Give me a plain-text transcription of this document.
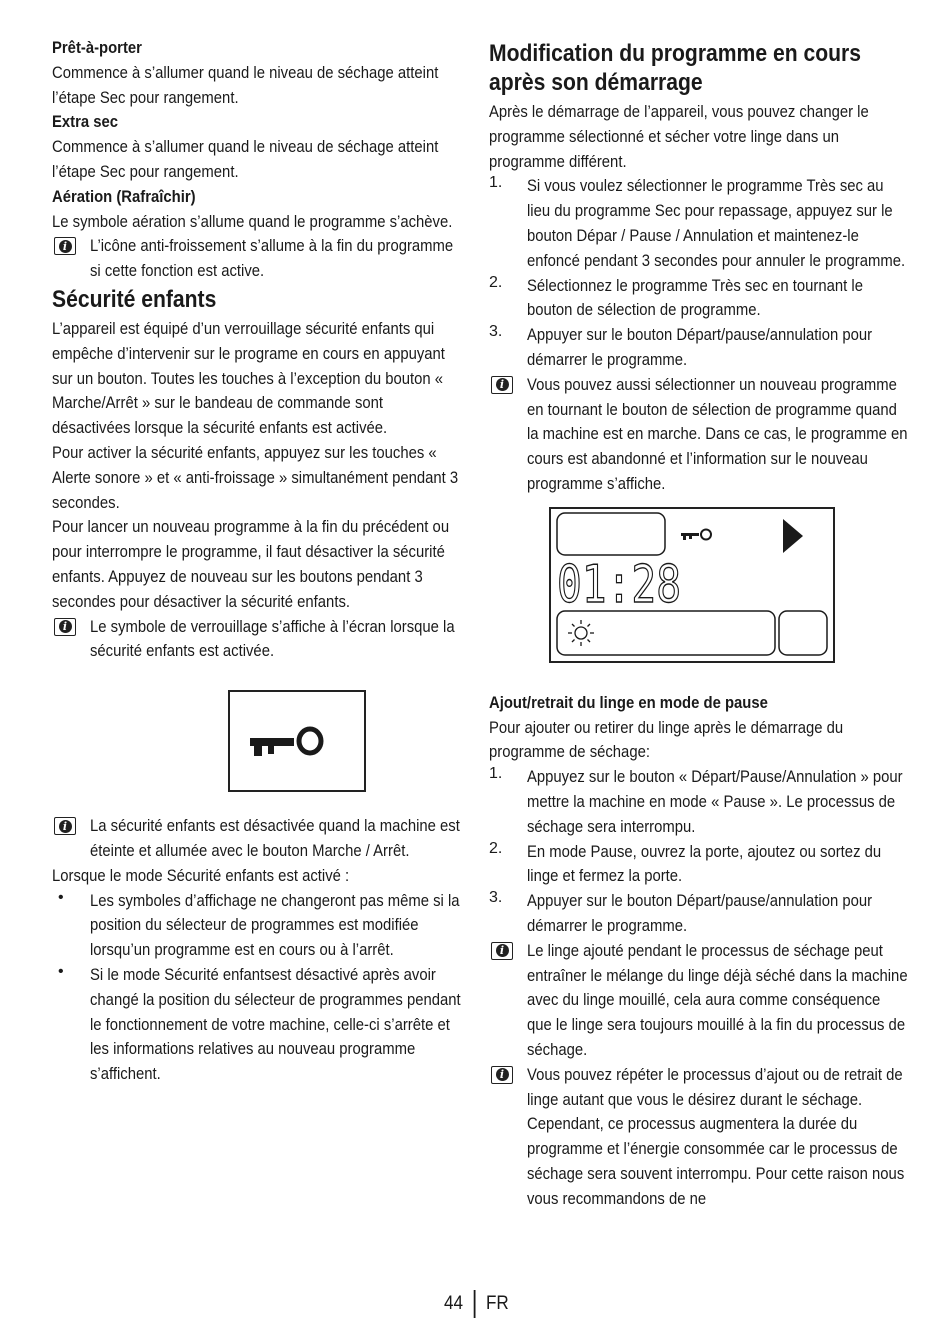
Prêt-à-porter

Commence à s’allumer quand le niveau de séchage atteint l’étape Sec pour rangement.

Extra sec

Commence à s’allumer quand le niveau de séchage atteint l’étape Sec pour rangement.

Aération (Rafraîchir)

Le symbole aération s’allume quand le programme s’achève.

i L’icône anti-froissement s’allume à la fin du programme si cette fonction est active.

Sécurité enfants

L’appareil est équipé d’un verrouillage sécurité enfants qui empêche d’intervenir sur le programe en cours en appuyant sur un bouton. Toutes les touches à l’exception du bouton « Marche/Arrêt » sur le bandeau de commande sont désactivées lorsque la sécurité enfants est activée.

Pour activer la sécurité enfants, appuyez sur les touches « Alerte sonore » et « anti-froissage » simultanément pendant 3 secondes.

Pour lancer un nouveau programme à la fin du précédent ou pour interrompre le programme, il faut désactiver la sécurité enfants. Appuyez de nouveau sur les boutons pendant 3 secondes pour désactiver la sécurité enfants.

i Le symbole de verrouillage s’affiche à l’écran lorsque la sécurité enfants est activée.

i La sécurité enfants est désactivée quand la machine est éteinte et allumée avec le bouton Marche / Arrêt.

Lorsque le mode Sécurité enfants est activé :

• Les symboles d’affichage ne changeront pas même si la position du sélecteur de programmes est modifiée lorsqu’un programme est en cours ou à l’arrêt.

• Si le mode Sécurité enfantsest désactivé après avoir changé la position du sélecteur de programmes pendant le fonctionnement de votre machine, celle-ci s’arrête et les informations relatives au nouveau programme s’affichent.

Modification du programme en cours après son démarrage

Après le démarrage de l’appareil, vous pouvez changer le programme sélectionné et sécher votre linge dans un programme différent.

1. Si vous voulez sélectionner le programme Très sec au lieu du programme Sec pour repassage, appuyez sur le bouton Dépar / Pause / Annulation et maintenez-le enfoncé pendant 3 secondes pour annuler le programme.

2. Sélectionnez le programme Très sec en tournant le bouton de sélection de programme.

3. Appuyer sur le bouton Départ/pause/annulation pour démarrer le programme.

i Vous pouvez aussi sélectionner un nouveau programme en tournant le bouton de sélection de programme quand la machine est en marche. Dans ce cas, le programme en cours est abandonné et l’information sur le nouveau programme s’affiche.

01:28

Ajout/retrait du linge en mode de pause

Pour ajouter ou retirer du linge après le démarrage du programme de séchage:

1. Appuyez sur le bouton « Départ/Pause/Annulation » pour mettre la machine en mode « Pause ». Le processus de séchage sera interrompu.

2. En mode Pause, ouvrez la porte, ajoutez ou sortez du linge et fermez la porte.

3. Appuyer sur le bouton Départ/pause/annulation pour démarrer le programme.

i Le linge ajouté pendant le processus de séchage peut entraîner le mélange du linge déjà séché dans la machine avec du linge mouillé, cela aura comme conséquence que le linge sera toujours mouillé à la fin du processus de séchage.

i Vous pouvez répéter le processus d’ajout ou de retrait de linge autant que vous le désirez durant le séchage. Cependant, ce processus augmentera la durée du programme et l’énergie consommée car le processus de séchage sera souvent interrompu. Pour cette raison nous vous recommandons de ne

44 FR
